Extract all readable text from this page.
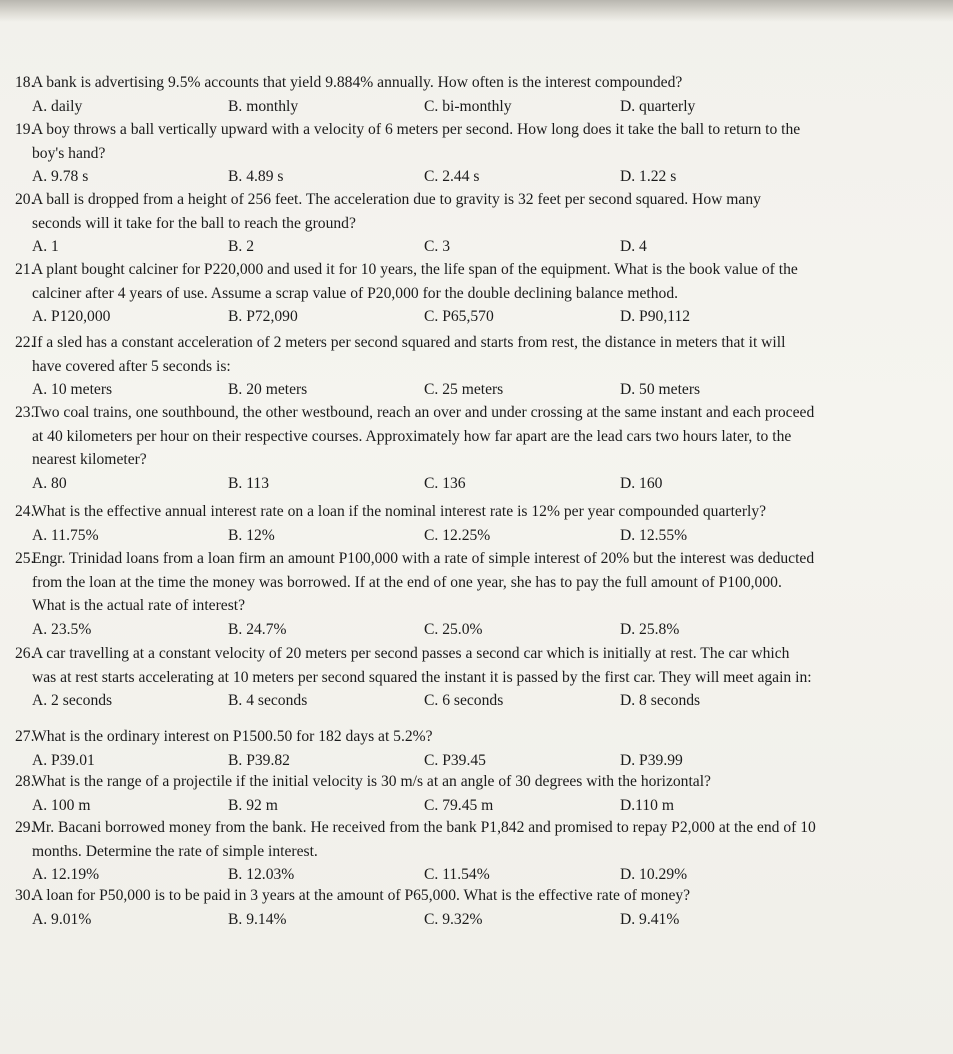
18.
A bank is advertising 9.5% accounts that yield 9.884% annually. How often is the interest compounded?
A. daily	B. monthly	C. bi-monthly	D. quarterly
19.
A boy throws a ball vertically upward with a velocity of 6 meters per second. How long does it take the ball to return to the
boy's hand?
A. 9.78 s	B. 4.89 s	C. 2.44 s	D. 1.22 s
20.
A ball is dropped from a height of 256 feet. The acceleration due to gravity is 32 feet per second squared. How many
seconds will it take for the ball to reach the ground?
A. 1	B. 2	C. 3	D. 4
21.
A plant bought calciner for P220,000 and used it for 10 years, the life span of the equipment. What is the book value of the
calciner after 4 years of use. Assume a scrap value of P20,000 for the double declining balance method.
A. P120,000	B. P72,090	C. P65,570	D. P90,112
22.
If a sled has a constant acceleration of 2 meters per second squared and starts from rest, the distance in meters that it will
have covered after 5 seconds is:
A. 10 meters	B. 20 meters	C. 25 meters	D. 50 meters
23.
Two coal trains, one southbound, the other westbound, reach an over and under crossing at the same instant and each proceed
at 40 kilometers per hour on their respective courses. Approximately how far apart are the lead cars two hours later, to the
nearest kilometer?
A. 80	B. 113	C. 136	D. 160
24.
What is the effective annual interest rate on a loan if the nominal interest rate is 12% per year compounded quarterly?
A. 11.75%	B. 12%	C. 12.25%	D. 12.55%
25.
Engr. Trinidad loans from a loan firm an amount P100,000 with a rate of simple interest of 20% but the interest was deducted
from the loan at the time the money was borrowed. If at the end of one year, she has to pay the full amount of P100,000.
What is the actual rate of interest?
A. 23.5%	B. 24.7%	C. 25.0%	D. 25.8%
26.
A car travelling at a constant velocity of 20 meters per second passes a second car which is initially at rest. The car which
was at rest starts accelerating at 10 meters per second squared the instant it is passed by the first car. They will meet again in:
A. 2 seconds	B. 4 seconds	C. 6 seconds	D. 8 seconds
27.
What is the ordinary interest on P1500.50 for 182 days at 5.2%?
A. P39.01	B. P39.82	C. P39.45	D. P39.99
28.
What is the range of a projectile if the initial velocity is 30 m/s at an angle of 30 degrees with the horizontal?
A. 100 m	B. 92 m	C. 79.45 m	D.110 m
29.
Mr. Bacani borrowed money from the bank. He received from the bank P1,842 and promised to repay P2,000 at the end of 10
months. Determine the rate of simple interest.
A. 12.19%	B. 12.03%	C. 11.54%	D. 10.29%
30.
A loan for P50,000 is to be paid in 3 years at the amount of P65,000. What is the effective rate of money?
A. 9.01%	B. 9.14%	C. 9.32%	D. 9.41%
